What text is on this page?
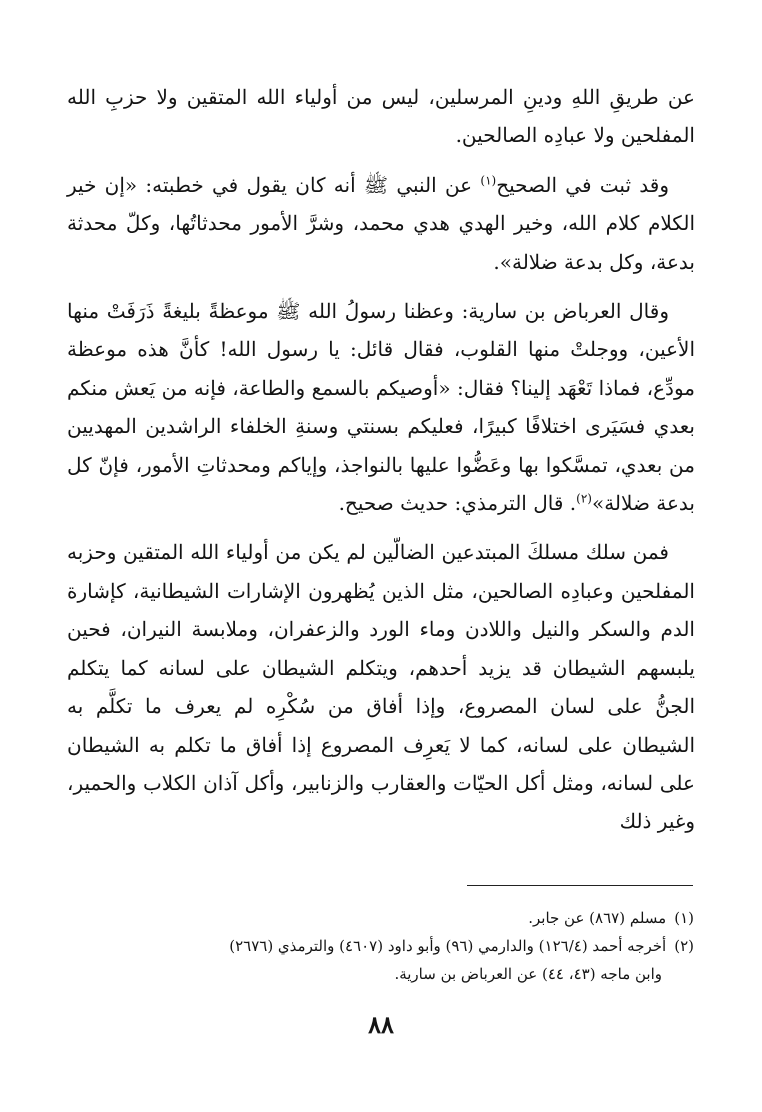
عن طريقِ اللهِ ودينِ المرسلين، ليس من أولياء الله المتقين ولا حزبِ الله المفلحين ولا عبادِه الصالحين.

وقد ثبت في الصحيح$^{(١)}$ عن النبي ﷺ أنه كان يقول في خطبته: «إن خير الكلام كلام الله، وخير الهدي هدي محمد، وشرَّ الأمور محدثاتُها، وكلّ محدثة بدعة، وكل بدعة ضلالة».

وقال العرباض بن سارية: وعظنا رسولُ الله ﷺ موعظةً بليغةً ذَرَفَتْ منها الأعين، ووجلتْ منها القلوب، فقال قائل: يا رسول الله! كأنَّ هذه موعظة مودِّع، فماذا تَعْهَد إلينا؟ فقال: «أوصيكم بالسمع والطاعة، فإنه من يَعش منكم بعدي فسَيَرى اختلافًا كبيرًا، فعليكم بسنتي وسنةِ الخلفاء الراشدين المهديين من بعدي، تمسَّكوا بها وعَضُّوا عليها بالنواجذ، وإياكم ومحدثاتِ الأمور، فإنّ كل بدعة ضلالة»$^{(٢)}$. قال الترمذي: حديث صحيح.

فمن سلك مسلكَ المبتدعين الضالّين لم يكن من أولياء الله المتقين وحزبه المفلحين وعبادِه الصالحين، مثل الذين يُظهرون الإشارات الشيطانية، كإشارة الدم والسكر والنيل واللادن وماء الورد والزعفران، وملابسة النيران، فحين يلبسهم الشيطان قد يزيد أحدهم، ويتكلم الشيطان على لسانه كما يتكلم الجنُّ على لسان المصروع، وإذا أفاق من سُكْرِه لم يعرف ما تكلَّم به الشيطان على لسانه، كما لا يَعرِف المصروع إذا أفاق ما تكلم به الشيطان على لسانه، ومثل أكل الحيّات والعقارب والزنابير، وأكل آذان الكلاب والحمير، وغير ذلك

(١)مسلم (٨٦٧) عن جابر.

(٢)أخرجه أحمد (١٢٦/٤) والدارمي (٩٦) وأبو داود (٤٦٠٧) والترمذي (٢٦٧٦)

وابن ماجه (٤٣، ٤٤) عن العرباض بن سارية.

٨٨
